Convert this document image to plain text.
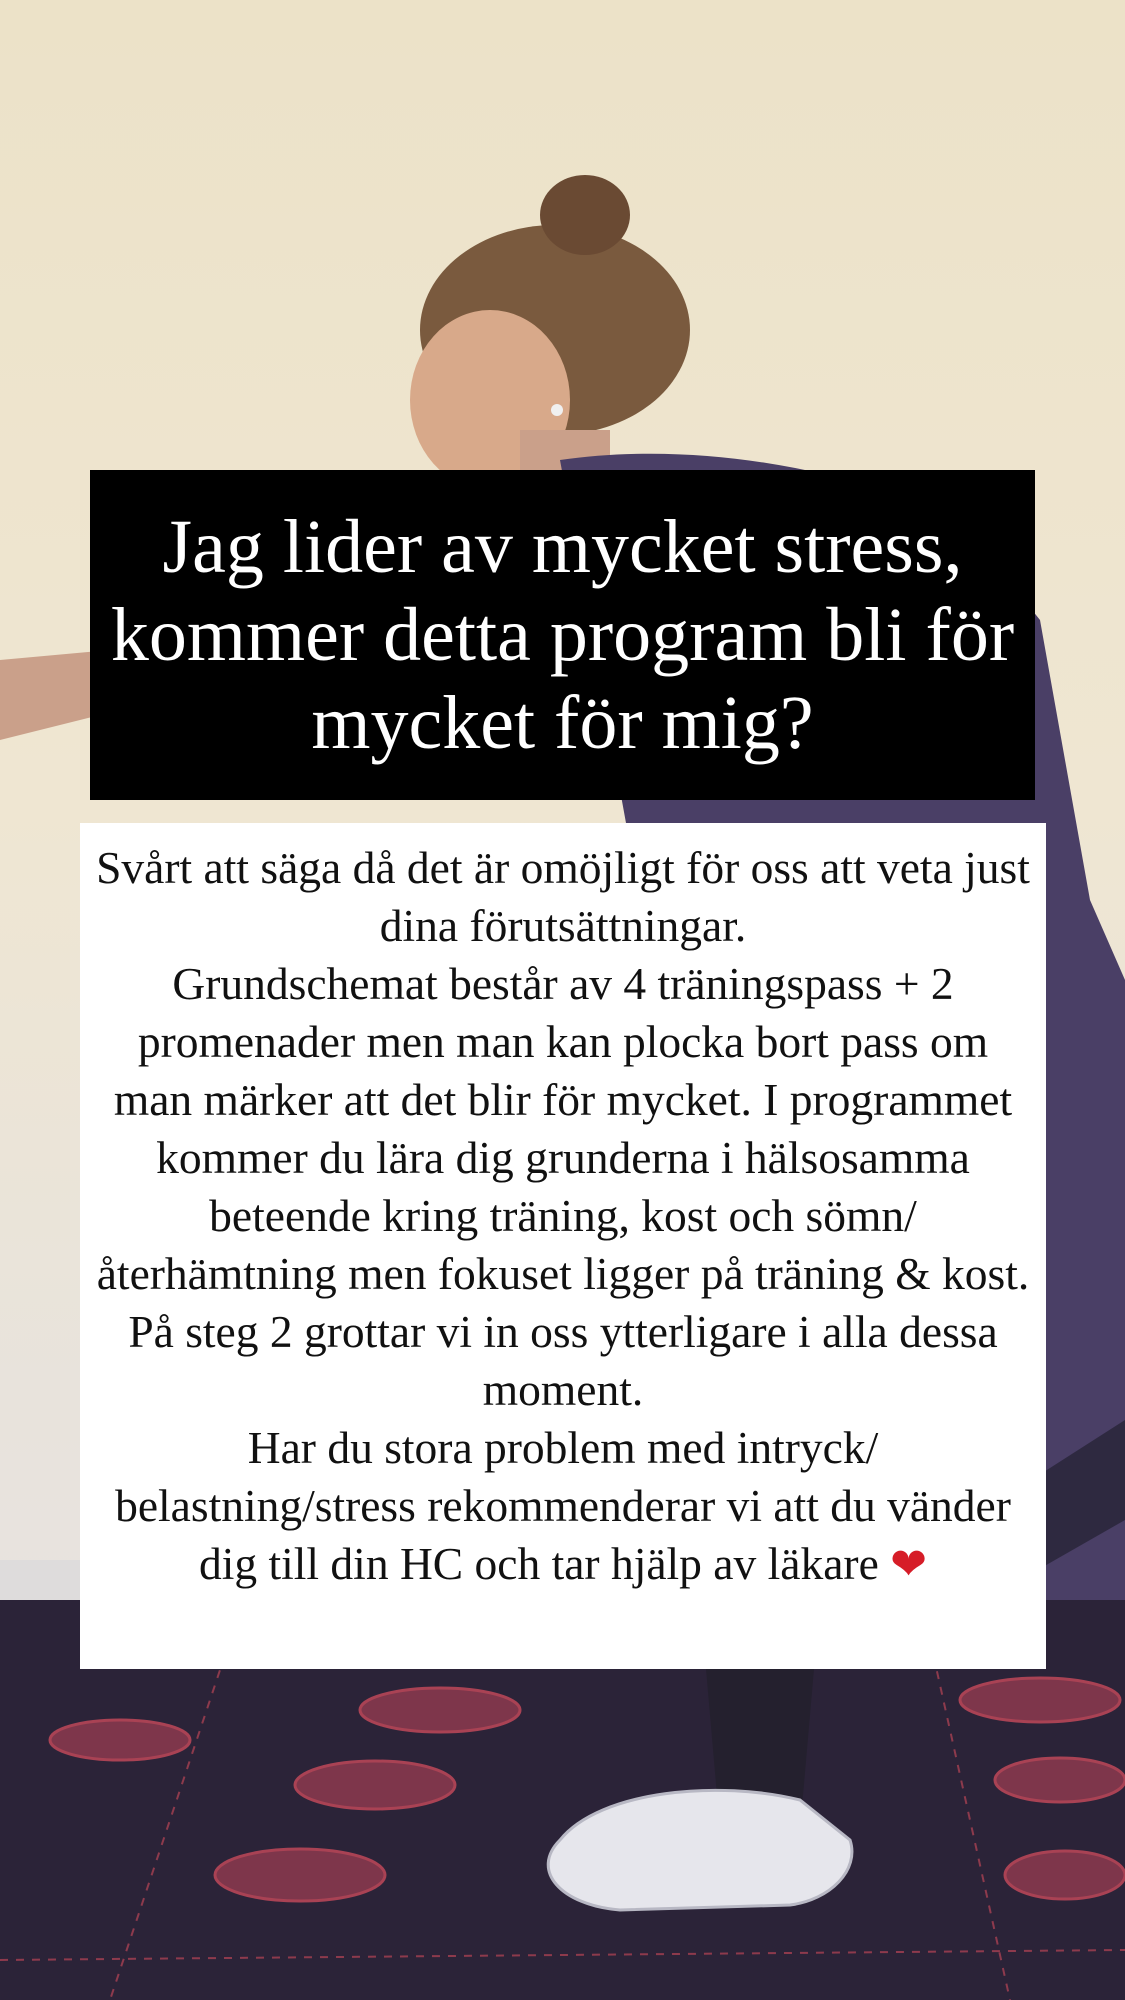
Jag lider av mycket stress, kommer detta program bli för mycket för mig?
Svårt att säga då det är omöjligt för oss att veta just dina förutsättningar.
Grundschemat består av 4 träningspass + 2 promenader men man kan plocka bort pass om man märker att det blir för mycket. I programmet kommer du lära dig grunderna i hälsosamma beteende kring träning, kost och sömn/återhämtning men fokuset ligger på träning & kost. På steg 2 grottar vi in oss ytterligare i alla dessa moment.
Har du stora problem med intryck/ belastning/stress rekommenderar vi att du vänder dig till din HC och tar hjälp av läkare ❤
